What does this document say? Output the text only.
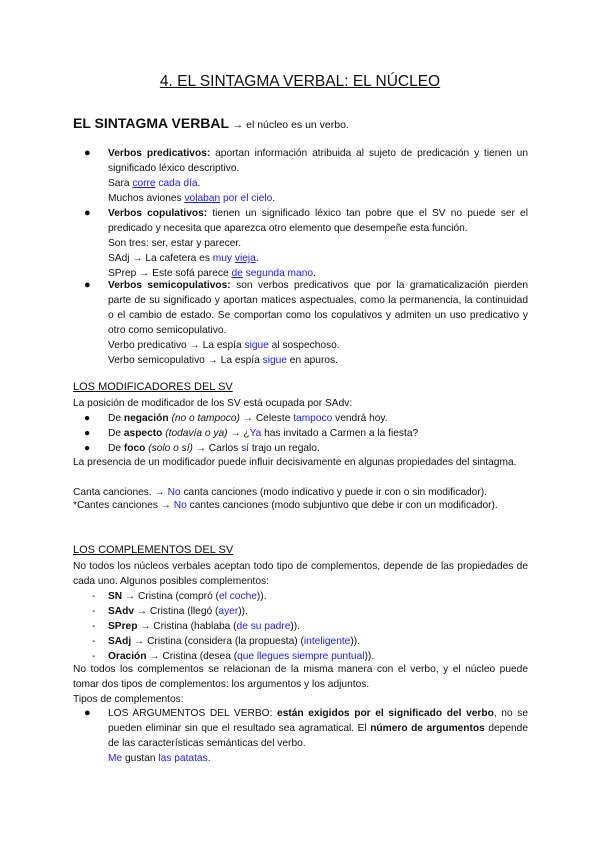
4. EL SINTAGMA VERBAL: EL NÚCLEO
EL SINTAGMA VERBAL → el núcleo es un verbo.
● Verbos predicativos: aportan información atribuida al sujeto de predicación y tienen un significado léxico descriptivo.
Sara corre cada día.
Muchos aviones volaban por el cielo.
● Verbos copulativos: tienen un significado léxico tan pobre que el SV no puede ser el predicado y necesita que aparezca otro elemento que desempeñe esta función.
Son tres: ser, estar y parecer.
SAdj → La cafetera es muy vieja.
SPrep → Este sofá parece de segunda mano.
● Verbos semicopulativos: son verbos predicativos que por la gramaticalización pierden parte de su significado y aportan matices aspectuales, como la permanencia, la continuidad o el cambio de estado. Se comportan como los copulativos y admiten un uso predicativo y otro como semicopulativo.
Verbo predicativo → La espía sigue al sospechoso.
Verbo semicopulativo → La espía sigue en apuros.
LOS MODIFICADORES DEL SV
La posición de modificador de los SV está ocupada por SAdv:
● De negación (no o tampoco) → Celeste tampoco vendrá hoy.
● De aspecto (todavía o ya) → ¿Ya has invitado a Carmen a la fiesta?
● De foco (solo o sí) → Carlos sí trajo un regalo.
La presencia de un modificador puede influir decisivamente en algunas propiedades del sintagma.
Canta canciones. → No canta canciones (modo indicativo y puede ir con o sin modificador).
*Cantes canciones → No cantes canciones (modo subjuntivo que debe ir con un modificador).
LOS COMPLEMENTOS DEL SV
No todos los núcleos verbales aceptan todo tipo de complementos, depende de las propiedades de cada uno. Algunos posibles complementos:
- SN → Cristina (compró (el coche)).
- SAdv → Cristina (llegó (ayer)).
- SPrep → Cristina (hablaba (de su padre)).
- SAdj → Cristina (considera (la propuesta) (inteligente)).
- Oración → Cristina (desea (que llegues siempre puntual)).
No todos los complementos se relacionan de la misma manera con el verbo, y el núcleo puede tomar dos tipos de complementos: los argumentos y los adjuntos.
Tipos de complementos:
● LOS ARGUMENTOS DEL VERBO: están exigidos por el significado del verbo, no se pueden eliminar sin que el resultado sea agramatical. El número de argumentos depende de las características semánticas del verbo.
Me gustan las patatas.
